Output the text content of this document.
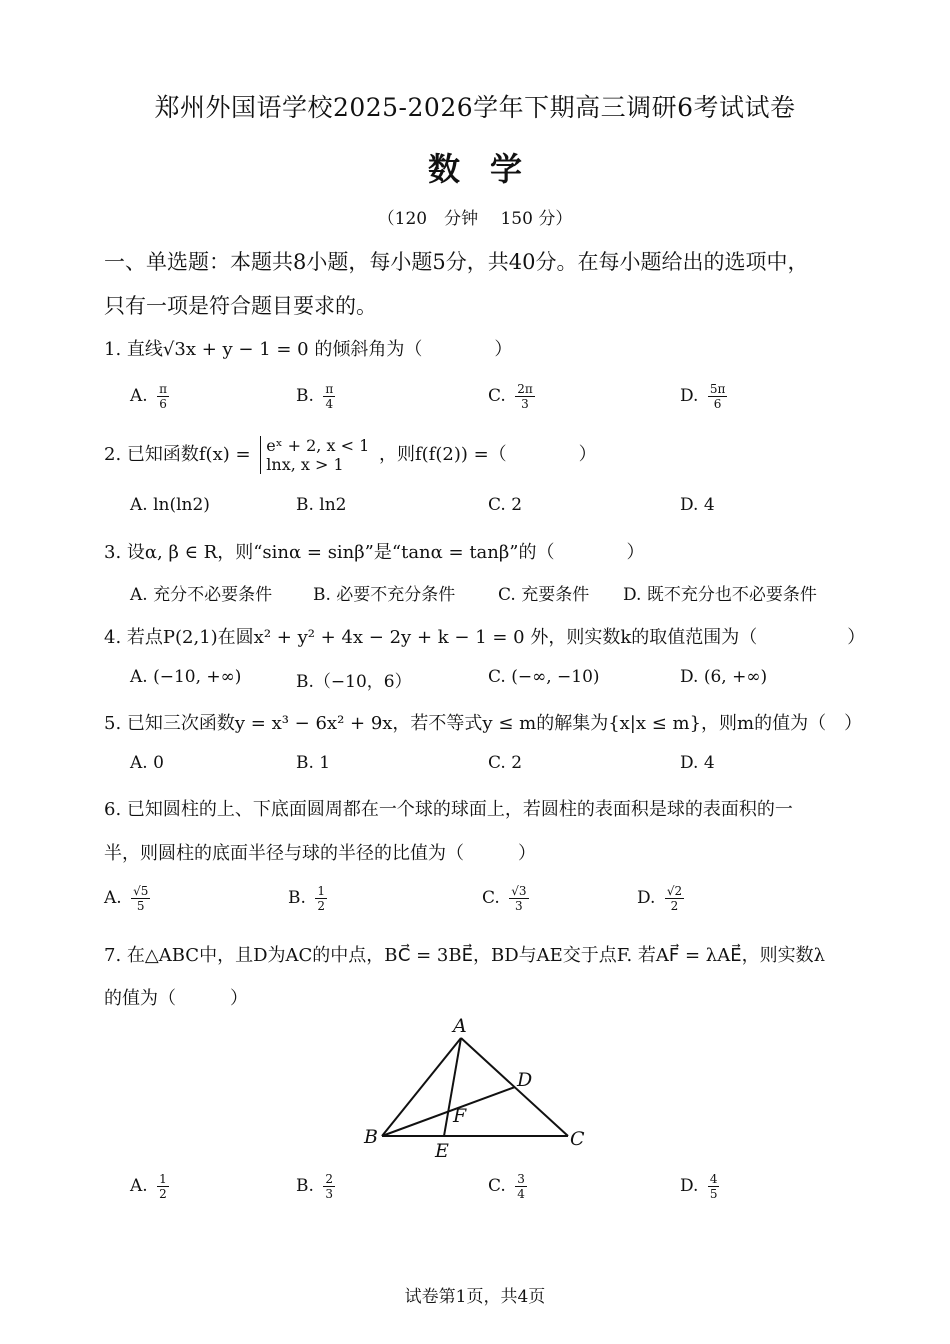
郑州外国语学校2025-2026学年下期高三调研6考试试卷
数学
（120　分钟　 150 分）
一、单选题：本题共8小题，每小题5分，共40分。在每小题给出的选项中，
只有一项是符合题目要求的。
1. 直线√3x + y − 1 = 0 的倾斜角为（　　　　）
A. $\frac{\pi}{6}$	B. $\frac{\pi}{4}$	C. $\frac{2\pi}{3}$	D. $\frac{5\pi}{6}$
2. 已知函数f(x) = eˣ + 2, x < 1
lnx, x > 1	，则f(f(2)) =（　　　　）
A. ln(ln2)	B. ln2	C. 2	D. 4
3. 设α, β ∈ R，则“sinα = sinβ”是“tanα = tanβ”的（　　　　）
A. 充分不必要条件 B. 必要不充分条件	C. 充要条件 D. 既不充分也不必要条件
4. 若点P(2,1)在圆x² + y² + 4x − 2y + k − 1 = 0 外，则实数k的取值范围为（　　　　　）
A. (−10, +∞)	B.（−10，6）	C. (−∞, −10)	D. (6, +∞)
5. 已知三次函数y = x³ − 6x² + 9x，若不等式y ≤ m的解集为{x|x ≤ m}，则m的值为（　）
A. 0	B. 1	C. 2	D. 4
6. 已知圆柱的上、下底面圆周都在一个球的球面上，若圆柱的表面积是球的表面积的一
半，则圆柱的底面半径与球的半径的比值为（　　　）
A. $\frac{√5}{5}$	B. $\frac{1}{2}$	C. $\frac{√3}{3}$	D. $\frac{√2}{2}$
7. 在△ABC中，且D为AC的中点，BC⃗ = 3BE⃗，BD与AE交于点F. 若AF⃗ = λAE⃗，则实数λ
的值为（　　　）
A
B	C
D
E
F
A. $\frac{1}{2}$	B. $\frac{2}{3}$	C. $\frac{3}{4}$	D. $\frac{4}{5}$
试卷第1页，共4页
